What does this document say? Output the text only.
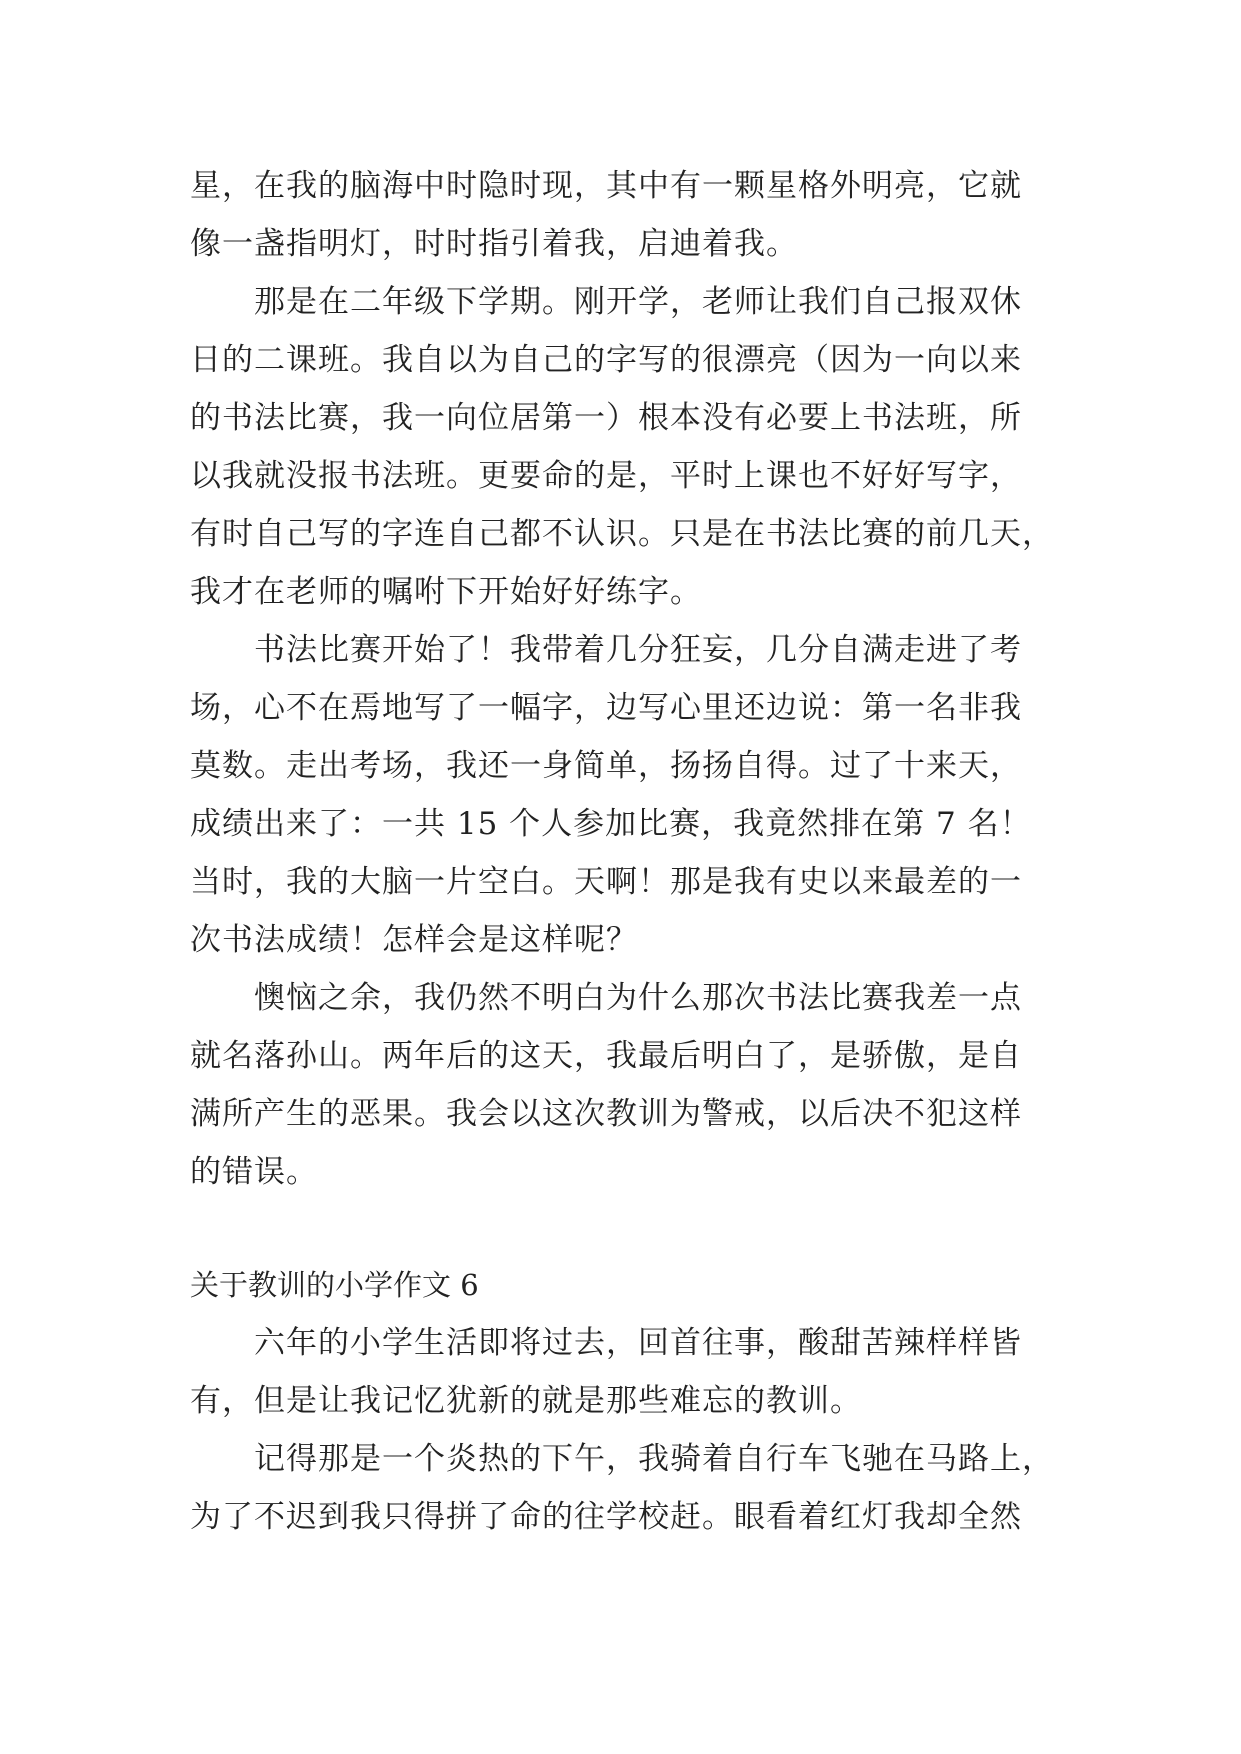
星，在我的脑海中时隐时现，其中有一颗星格外明亮，它就
像一盏指明灯，时时指引着我，启迪着我。
那是在二年级下学期。刚开学，老师让我们自己报双休
日的二课班。我自以为自己的字写的很漂亮（因为一向以来
的书法比赛，我一向位居第一）根本没有必要上书法班，所
以我就没报书法班。更要命的是，平时上课也不好好写字，
有时自己写的字连自己都不认识。只是在书法比赛的前几天，
我才在老师的嘱咐下开始好好练字。
书法比赛开始了！我带着几分狂妄，几分自满走进了考
场，心不在焉地写了一幅字，边写心里还边说：第一名非我
莫数。走出考场，我还一身简单，扬扬自得。过了十来天，
成绩出来了：一共 15 个人参加比赛，我竟然排在第 7 名！
当时，我的大脑一片空白。天啊！那是我有史以来最差的一
次书法成绩！怎样会是这样呢？
懊恼之余，我仍然不明白为什么那次书法比赛我差一点
就名落孙山。两年后的这天，我最后明白了，是骄傲，是自
满所产生的恶果。我会以这次教训为警戒，以后决不犯这样
的错误。
关于教训的小学作文 6
六年的小学生活即将过去，回首往事，酸甜苦辣样样皆
有，但是让我记忆犹新的就是那些难忘的教训。
记得那是一个炎热的下午，我骑着自行车飞驰在马路上，
为了不迟到我只得拼了命的往学校赶。眼看着红灯我却全然
